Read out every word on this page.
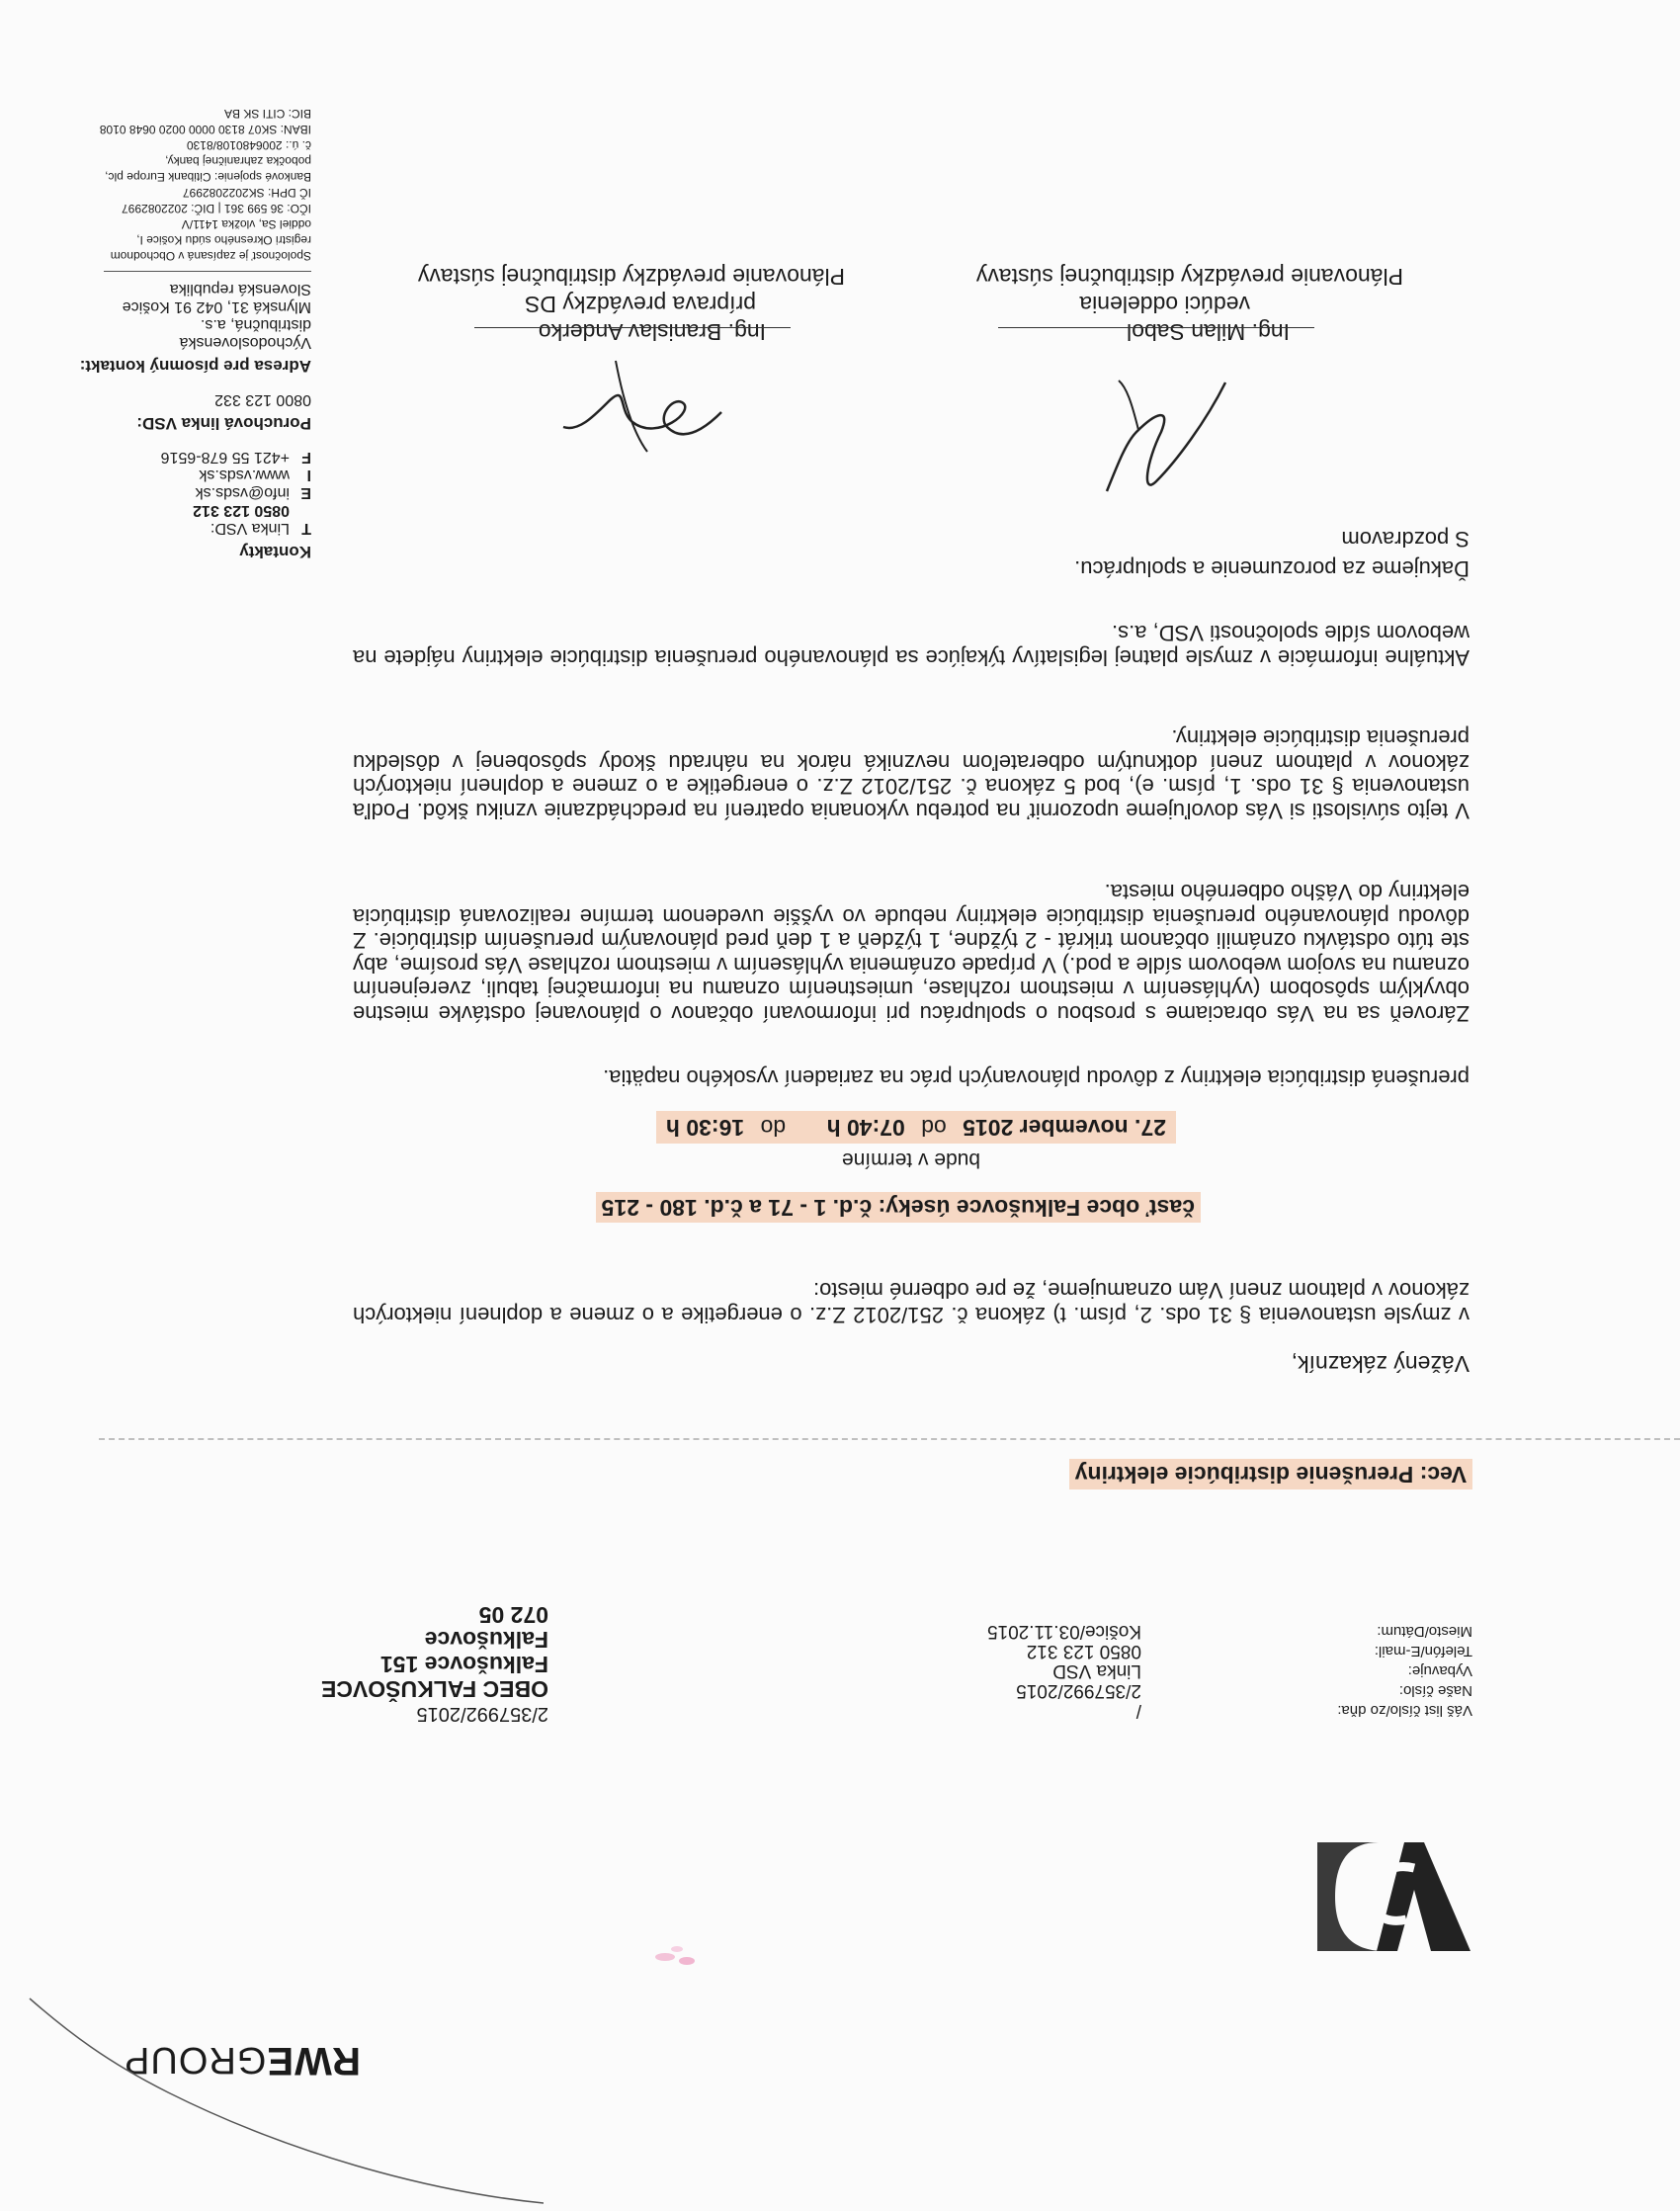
RWEGROUP
Váš list číslo/zo dňa:
Naše číslo:
Vybavuje:
Telefón/E-mail:
Miesto/Dátum:
/
2/357992/2015
Linka VSD
0850 123 312
Košice/03.11.2015
2/357992/2015
OBEC FALKUŠOVCE
Falkušovce 151
Falkušovce
072 05
Vec: Prerušenie distribúcie elektriny
Vážený zákazník,
v zmysle ustanovenia § 31 ods. 2, písm. t) zákona č. 251/2012 Z.z. o energetike a o zmene a doplnení niektorých zákonov v platnom znení Vám oznamujeme, že pre odberné miesto:
časť obce Falkušovce úseky: č.d. 1 - 71 a č.d. 180 - 215
bude v termíne
27. november 2015 od 07:40 h do 16:30 h
prerušená distribúcia elektriny z dôvodu plánovaných prác na zariadení vysokého napätia.
Zároveň sa na Vás obraciame s prosbou o spoluprácu pri informovaní občanov o plánovanej odstávke miestne obvyklým spôsobom (vyhlásením v miestnom rozhlase, umiestnením oznamu na informačnej tabuli, zverejnením oznamu na svojom webovom sídle a pod.) V prípade oznámenia vyhlásením v miestnom rozhlase Vás prosíme, aby ste túto odstávku oznámili občanom trikrát - 2 týždne, 1 týždeň a 1 deň pred plánovaným prerušením distribúcie. Z dôvodu plánovaného prerušenia distribúcie elektriny nebude vo vyššie uvedenom termíne realizovaná distribúcia elektriny do Vášho odberného miesta.
V tejto súvislosti si Vás dovoľujeme upozorniť na potrebu vykonania opatrení na predchádzanie vzniku škôd. Podľa ustanovenia § 31 ods. 1, písm. e), bod 5 zákona č. 251/2012 Z.z. o energetike a o zmene a doplnení niektorých zákonov v platnom znení dotknutým odberateľom nevzniká nárok na náhradu škody spôsobenej v dôsledku prerušenia distribúcie elektriny.
Aktuálne informácie v zmysle platnej legislatívy týkajúce sa plánovaného prerušenia distribúcie elektriny nájdete na webovom sídle spoločnosti VSD, a.s.
Ďakujeme za porozumenie a spoluprácu.
S pozdravom
Ing. Milan Sabol
vedúci oddelenia
Plánovanie prevádzky distribučnej sústavy
Ing. Branislav Anderko
príprava prevádzky DS
Plánovanie prevádzky distribučnej sústavy
Kontakty
T
Linka VSD:
0850 123 312
E
info@vsds.sk
I
www.vsds.sk
F
+421 55 678-6516
Poruchová linka VSD:
0800 123 332
Adresa pre písomný kontakt:
Východoslovenská
distribučná, a.s.
Mlynská 31, 042 91 Košice
Slovenská republika
Spoločnosť je zapísaná v Obchodnom
registri Okresného súdu Košice I,
oddiel Sa, vložka 1411/V
IČO: 36 599 361 | DIČ: 2022082997
IČ DPH: SK2022082997
Bankové spojenie: Citibank Europe plc,
pobočka zahraničnej banky,
č. ú.: 2006480108/8130
IBAN: SK07 8130 0000 0020 0648 0108
BIC: CITI SK BA
